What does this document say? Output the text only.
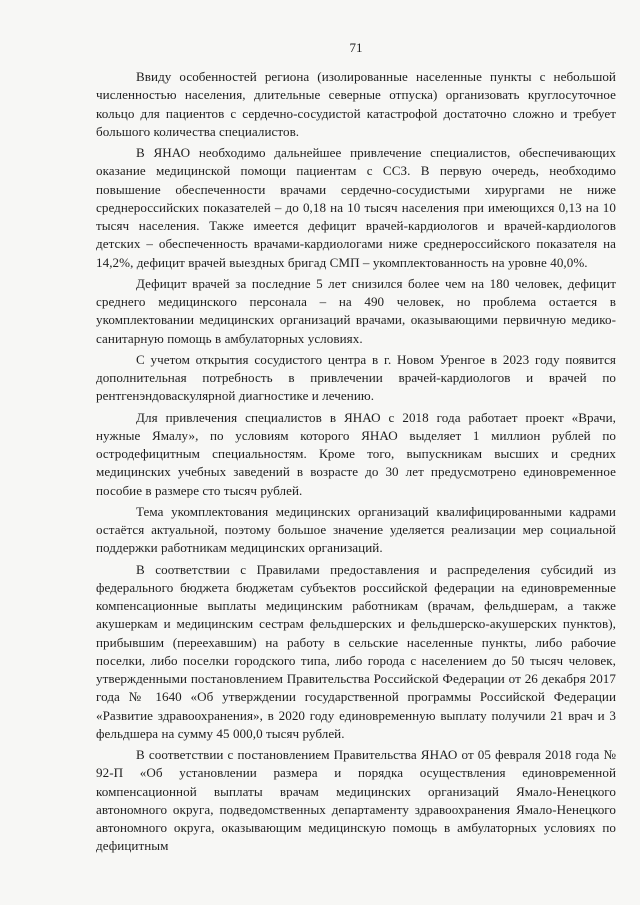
71

Ввиду особенностей региона (изолированные населенные пункты с небольшой численностью населения, длительные северные отпуска) организовать круглосуточное кольцо для пациентов с сердечно-сосудистой катастрофой достаточно сложно и требует большого количества специалистов.

В ЯНАО необходимо дальнейшее привлечение специалистов, обеспечивающих оказание медицинской помощи пациентам с ССЗ. В первую очередь, необходимо повышение обеспеченности врачами сердечно-сосудистыми хирургами не ниже среднероссийских показателей – до 0,18 на 10 тысяч населения при имеющихся 0,13 на 10 тысяч населения. Также имеется дефицит врачей-кардиологов и врачей-кардиологов детских – обеспеченность врачами-кардиологами ниже среднероссийского показателя на 14,2%, дефицит врачей выездных бригад СМП – укомплектованность на уровне 40,0%.

Дефицит врачей за последние 5 лет снизился более чем на 180 человек, дефицит среднего медицинского персонала – на 490 человек, но проблема остается в укомплектовании медицинских организаций врачами, оказывающими первичную медико-санитарную помощь в амбулаторных условиях.

С учетом открытия сосудистого центра в г. Новом Уренгое в 2023 году появится дополнительная потребность в привлечении врачей-кардиологов и врачей по рентгенэндоваскулярной диагностике и лечению.

Для привлечения специалистов в ЯНАО с 2018 года работает проект «Врачи, нужные Ямалу», по условиям которого ЯНАО выделяет 1 миллион рублей по остродефицитным специальностям. Кроме того, выпускникам высших и средних медицинских учебных заведений в возрасте до 30 лет предусмотрено единовременное пособие в размере сто тысяч рублей.

Тема укомплектования медицинских организаций квалифицированными кадрами остаётся актуальной, поэтому большое значение уделяется реализации мер социальной поддержки работникам медицинских организаций.

В соответствии с Правилами предоставления и распределения субсидий из федерального бюджета бюджетам субъектов российской федерации на единовременные компенсационные выплаты медицинским работникам (врачам, фельдшерам, а также акушеркам и медицинским сестрам фельдшерских и фельдшерско-акушерских пунктов), прибывшим (переехавшим) на работу в сельские населенные пункты, либо рабочие поселки, либо поселки городского типа, либо города с населением до 50 тысяч человек, утвержденными постановлением Правительства Российской Федерации от 26 декабря 2017 года № 1640 «Об утверждении государственной программы Российской Федерации «Развитие здравоохранения», в 2020 году единовременную выплату получили 21 врач и 3 фельдшера на сумму 45 000,0 тысяч рублей.

В соответствии с постановлением Правительства ЯНАО от 05 февраля 2018 года № 92-П «Об установлении размера и порядка осуществления единовременной компенсационной выплаты врачам медицинских организаций Ямало-Ненецкого автономного округа, подведомственных департаменту здравоохранения Ямало-Ненецкого автономного округа, оказывающим медицинскую помощь в амбулаторных условиях по дефицитным
